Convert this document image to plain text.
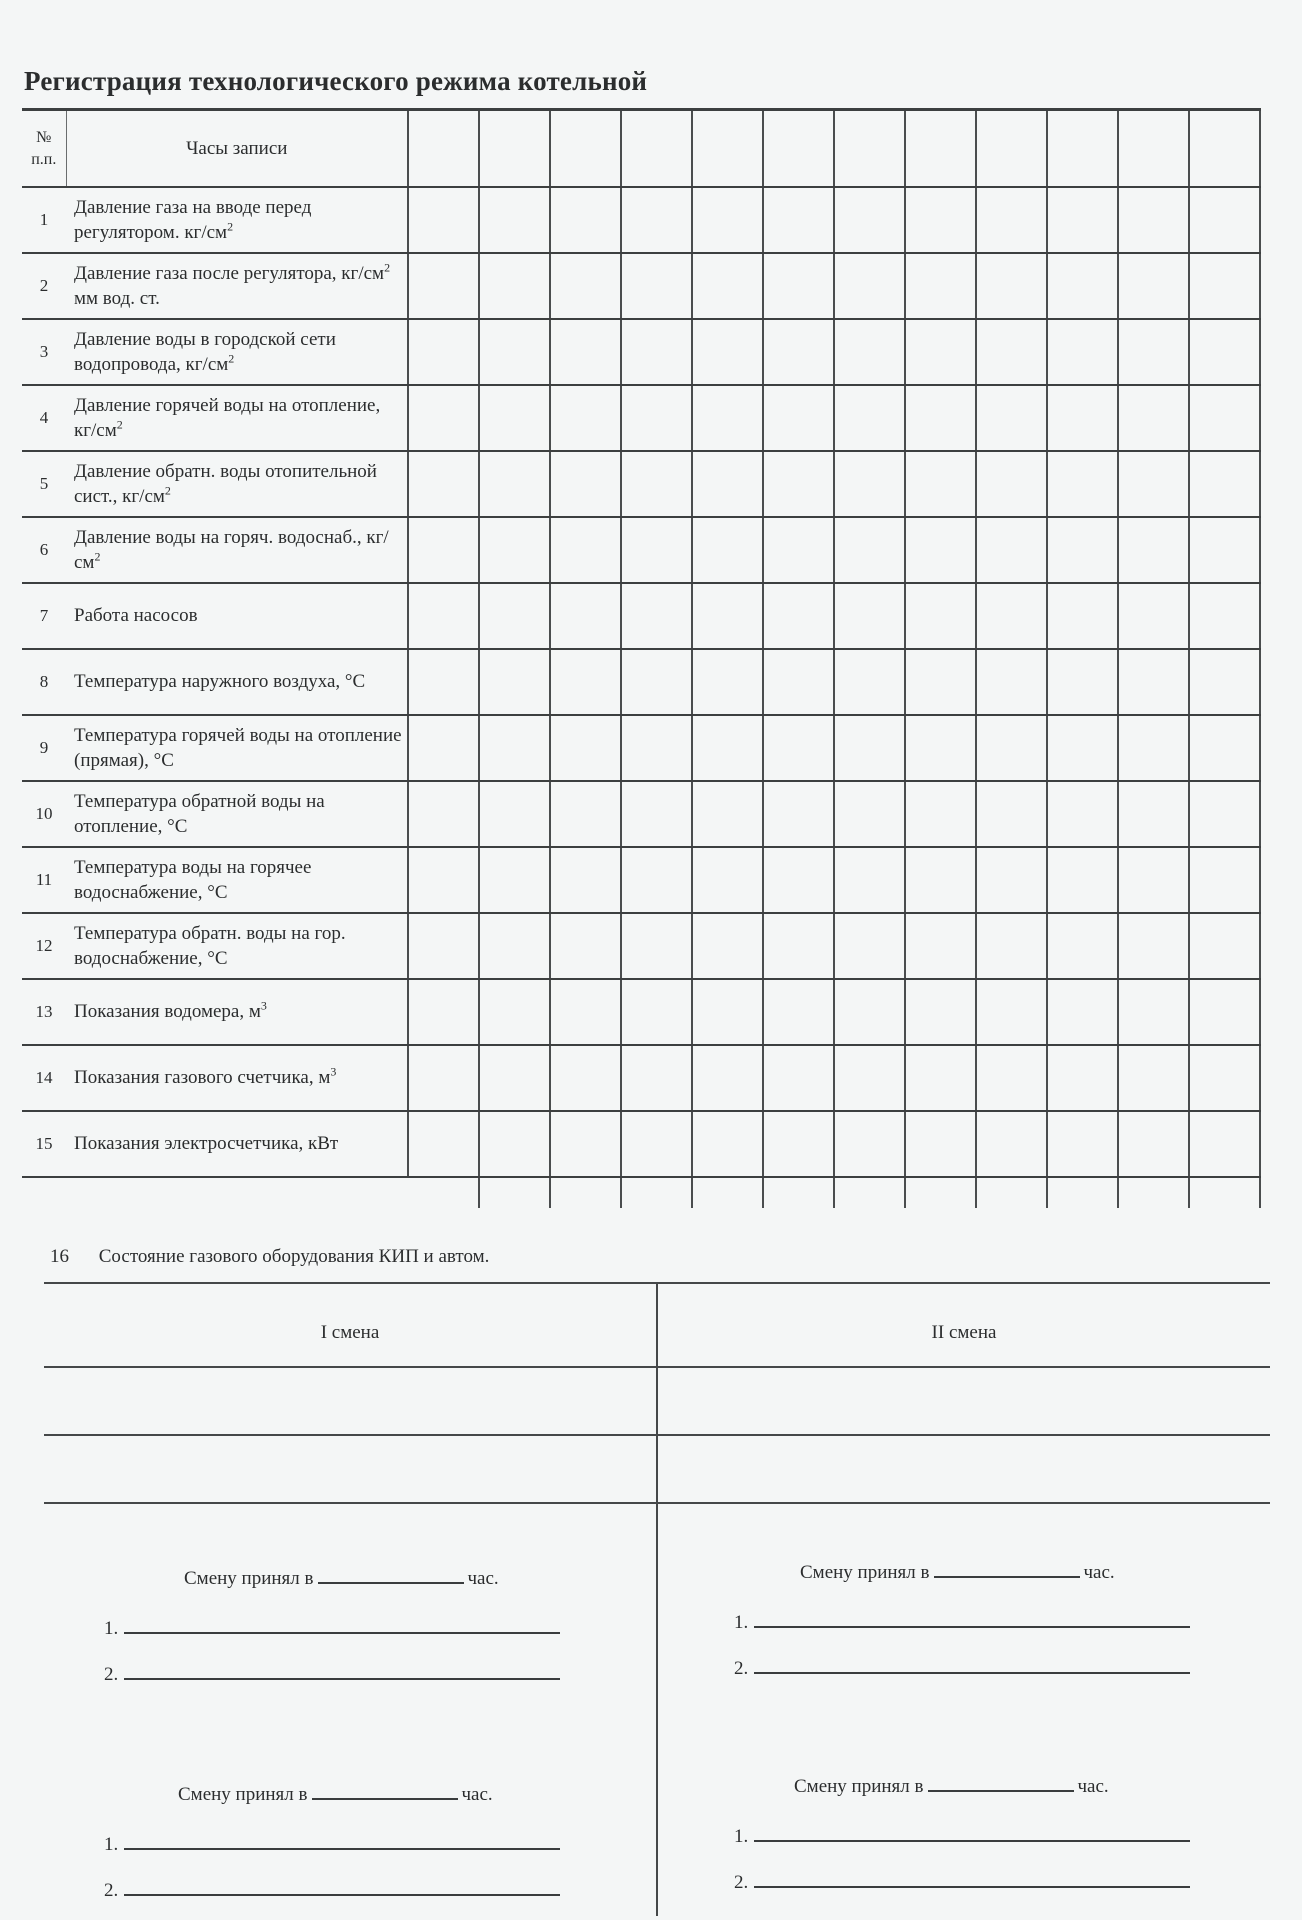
Регистрация технологического режима котельной
№
п.п.	Часы записи												
1	Давление газа на вводе перед регулятором. $кг/см^2$												
2	Давление газа после регулятора, $кг/см^2$ мм вод. ст.												
3	Давление воды в городской сети водопровода, $кг/см^2$												
4	Давление горячей воды на отопление, $кг/см^2$												
5	Давление обратн. воды отопительной сист., $кг/см^2$												
6	Давление воды на горяч. водоснаб., $кг/см^2$												
7	Работа насосов												
8	Температура наружного воздуха, °С												
9	Температура горячей воды на отопление (прямая), °С												
10	Температура обратной воды на отопление, °С												
11	Температура воды на горячее водоснабжение, °С												
12	Температура обратн. воды на гор. водоснабжение, °С												
13	Показания водомера, $м^3$												
14	Показания газового счетчика, $м^3$												
15	Показания электросчетчика, кВт												

16 Состояние газового оборудования КИП и автом.
I смена	II смена
Смену принял в	час.
1.
2.
Смену принял в	час.
1.
2.
Смену принял в	час.
1.
2.
Смену принял в	час.
1.
2.
